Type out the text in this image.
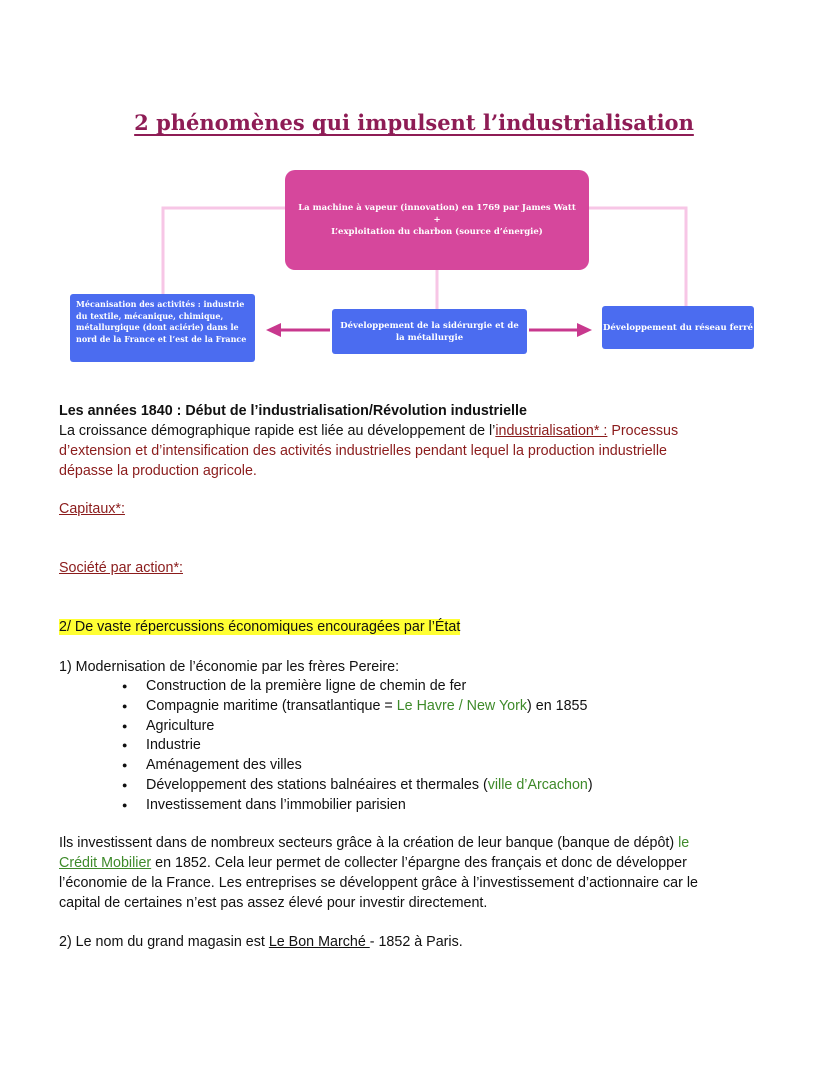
2 phénomènes qui impulsent l’industrialisation
La machine à vapeur (innovation) en 1769 par James Watt
+
L’exploitation du charbon (source d’énergie)
Mécanisation des activités : industrie du textile, mécanique, chimique, métallurgique (dont aciérie) dans le nord de la France et l’est de la France
Développement de la sidérurgie et de la métallurgie
Développement du réseau ferré

Les années 1840 : Début de l’industrialisation/Révolution industrielle

La croissance démographique rapide est liée au développement de l’industrialisation* : Processus d’extension et d’intensification des activités industrielles pendant lequel la production industrielle dépasse la production agricole.

Capitaux*:

Société par action*:

2/ De vaste répercussions économiques encouragées par l’État

1) Modernisation de l’économie par les frères Pereire:

● Construction de la première ligne de chemin de fer
● Compagnie maritime (transatlantique = Le Havre / New York) en 1855
● Agriculture
● Industrie
● Aménagement des villes
● Développement des stations balnéaires et thermales (ville d’Arcachon)
● Investissement dans l’immobilier parisien

Ils investissent dans de nombreux secteurs grâce à la création de leur banque (banque de dépôt) le

Crédit Mobilier en 1852. Cela leur permet de collecter l’épargne des français et donc de développer

l’économie de la France. Les entreprises se développent grâce à l’investissement d’actionnaire car le

capital de certaines n’est pas assez élevé pour investir directement.

2) Le nom du grand magasin est Le Bon Marché - 1852 à Paris.
